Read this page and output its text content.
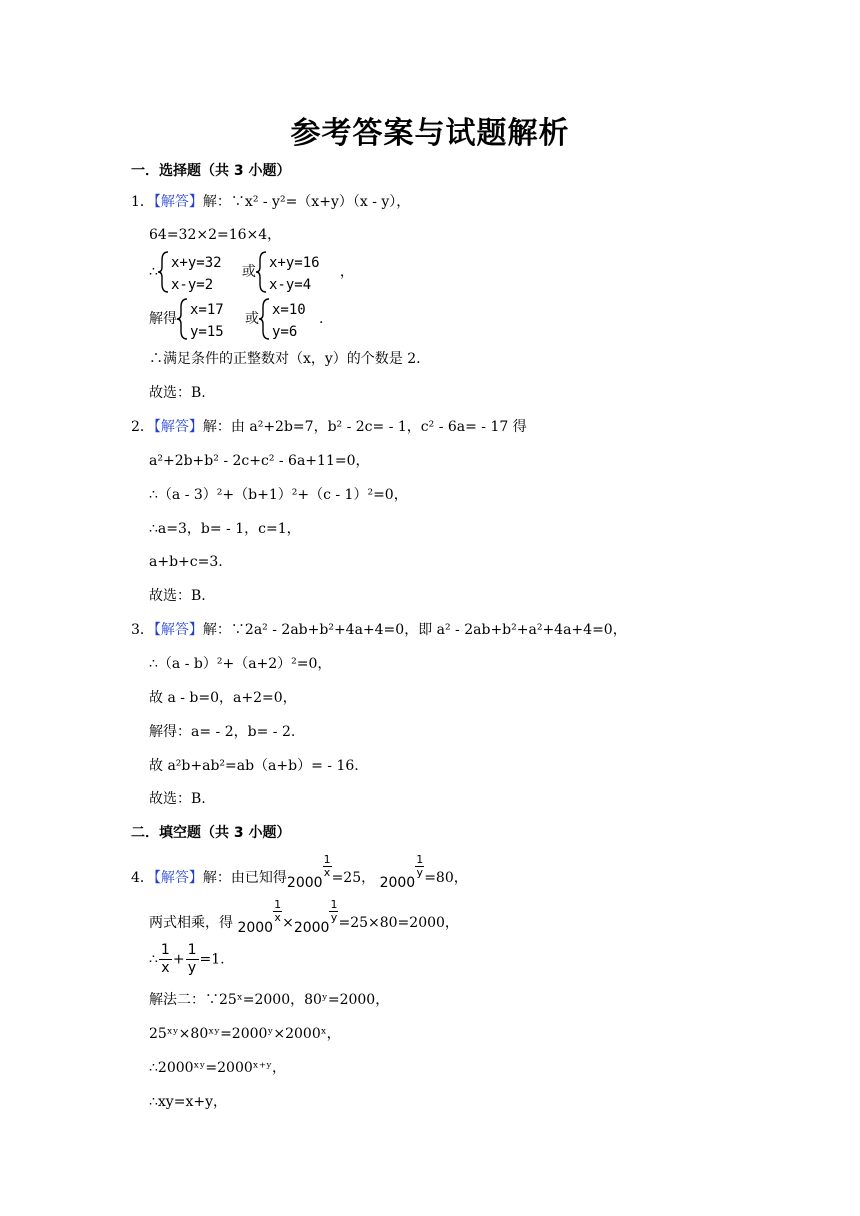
参考答案与试题解析
一．选择题（共 3 小题）
1．【解答】解：∵x² - y²=（x+y）（x - y），
64=32×2=16×4，
∴
x+y=32
x-y=2
或
x+y=16
x-y=4
，
解得
x=17
y=15
或
x=10
y=6
.
∴满足条件的正整数对（x，y）的个数是 2.
故选：B.
2．【解答】解：由 a²+2b=7，b² - 2c= - 1，c² - 6a= - 17 得
a²+2b+b² - 2c+c² - 6a+11=0，
∴（a - 3）²+（b+1）²+（c - 1）²=0，
∴a=3，b= - 1，c=1，
a+b+c=3.
故选：B.
3．【解答】解：∵2a² - 2ab+b²+4a+4=0，即 a² - 2ab+b²+a²+4a+4=0，
∴（a - b）²+（a+2）²=0，
故 a - b=0，a+2=0，
解得：a= - 2，b= - 2.
故 a²b+ab²=ab（a+b）= - 16.
故选：B.
二．填空题（共 3 小题）
4．【解答】解：由已知得2000
$\frac{1}{x} =25$， 2000
$\frac{1}{y} =80$，
两式相乘，得 2000
$\frac{1}{x} \times 2000$
$\frac{1}{y} =25\times 80=2000$，
∴ $\frac{1}{x} + \frac{1}{y} =1$.
解法二：∵25ˣ=2000，80ʸ=2000，
25ˣʸ×80ˣʸ=2000ʸ×2000ˣ，
∴2000ˣʸ=2000ˣ⁺ʸ，
∴xy=x+y，
